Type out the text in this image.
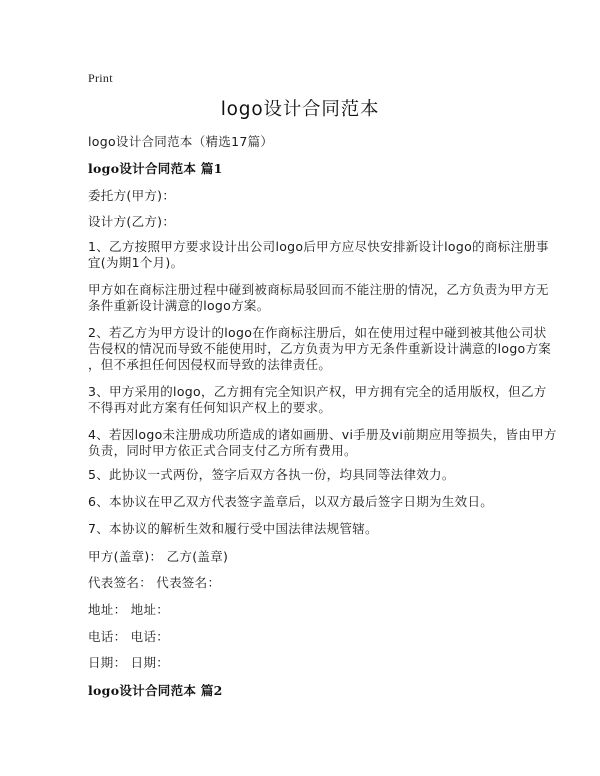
Print
logo设计合同范本
logo设计合同范本（精选17篇）
logo设计合同范本 篇1
委托方(甲方)：
设计方(乙方)：
1、乙方按照甲方要求设计出公司logo后甲方应尽快安排新设计logo的商标注册事
宜(为期1个月)。
甲方如在商标注册过程中碰到被商标局驳回而不能注册的情况，乙方负责为甲方无
条件重新设计满意的logo方案。
2、若乙方为甲方设计的logo在作商标注册后，如在使用过程中碰到被其他公司状
告侵权的情况而导致不能使用时，乙方负责为甲方无条件重新设计满意的logo方案
，但不承担任何因侵权而导致的法律责任。
3、甲方采用的logo，乙方拥有完全知识产权，甲方拥有完全的适用版权，但乙方
不得再对此方案有任何知识产权上的要求。
4、若因logo未注册成功所造成的诸如画册、vi手册及vi前期应用等损失，皆由甲方
负责，同时甲方依正式合同支付乙方所有费用。
5、此协议一式两份，签字后双方各执一份，均具同等法律效力。
6、本协议在甲乙双方代表签字盖章后，以双方最后签字日期为生效日。
7、本协议的解析生效和履行受中国法律法规管辖。
甲方(盖章)： 乙方(盖章)
代表签名： 代表签名：
地址： 地址：
电话： 电话：
日期： 日期：
logo设计合同范本 篇2
